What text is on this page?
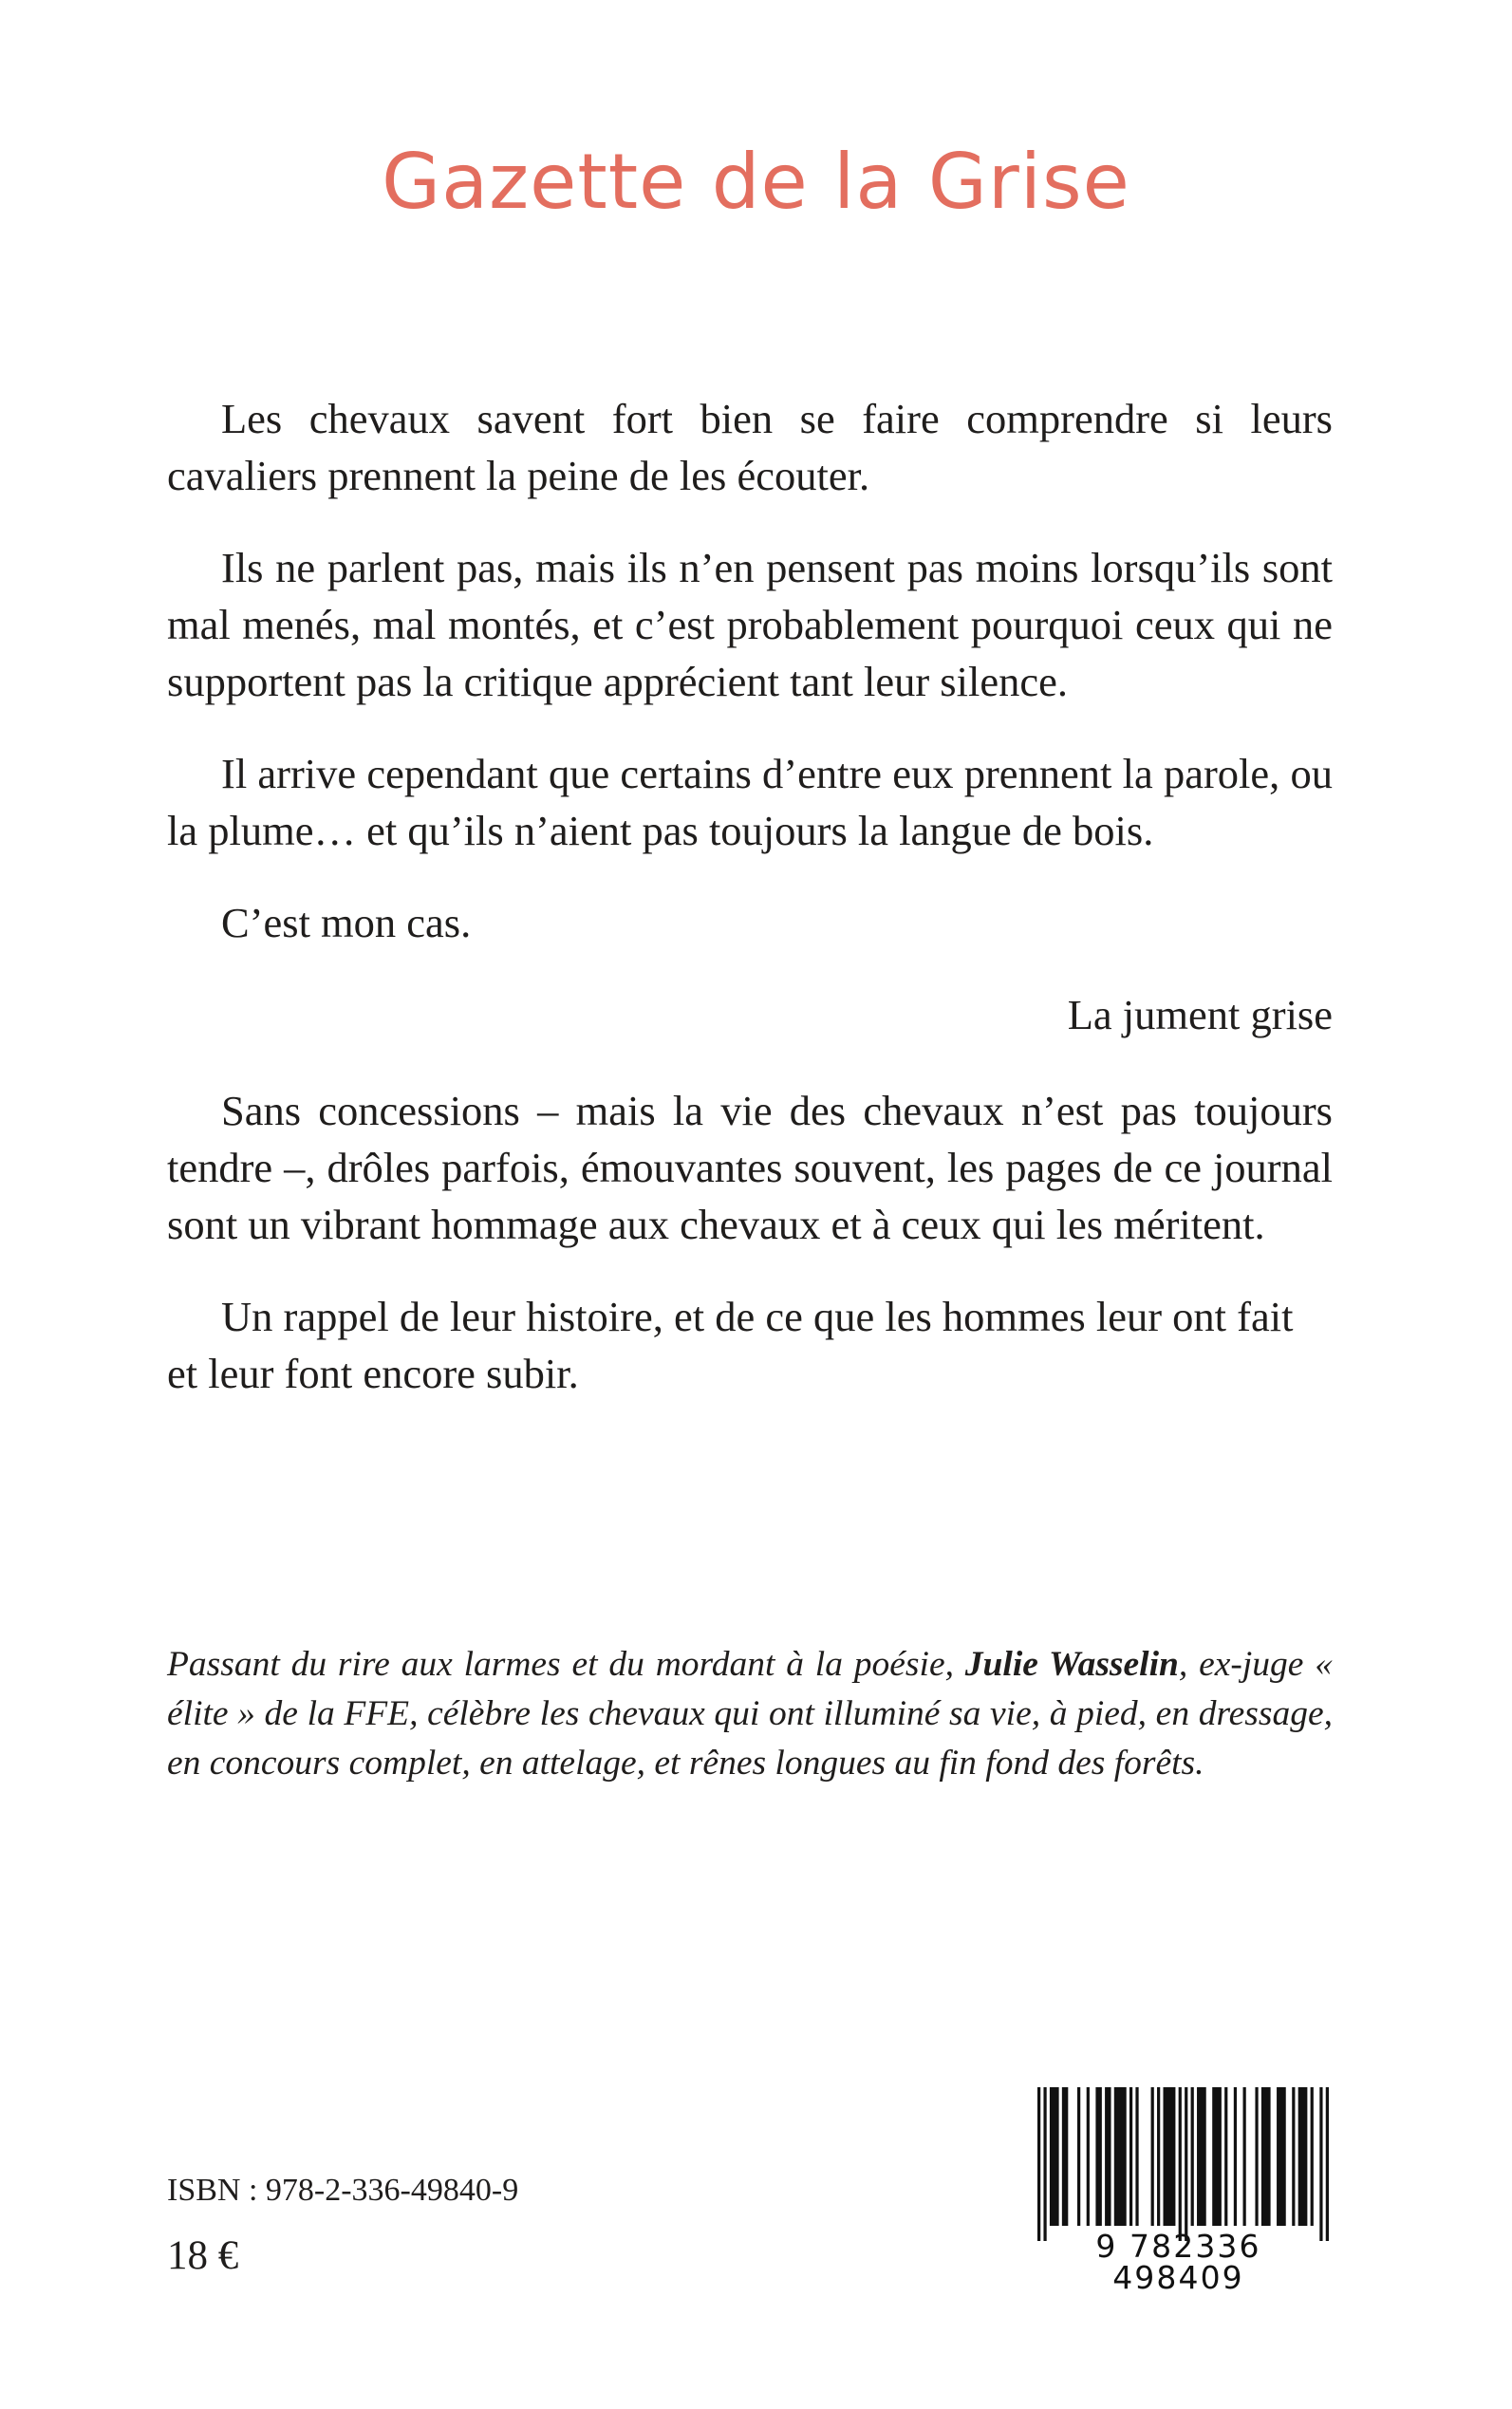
Gazette de la Grise

Les chevaux savent fort bien se faire comprendre si leurs cavaliers prennent la peine de les écouter.

Ils ne parlent pas, mais ils n’en pensent pas moins lorsqu’ils sont mal menés, mal montés, et c’est probablement pourquoi ceux qui ne supportent pas la critique apprécient tant leur silence.

Il arrive cependant que certains d’entre eux prennent la parole, ou la plume… et qu’ils n’aient pas toujours la langue de bois.

C’est mon cas.

La jument grise

Sans concessions – mais la vie des chevaux n’est pas toujours tendre –, drôles parfois, émouvantes souvent, les pages de ce journal sont un vibrant hommage aux chevaux et à ceux qui les méritent.

Un rappel de leur histoire, et de ce que les hommes leur ont fait et leur font encore subir.

Passant du rire aux larmes et du mordant à la poésie, Julie Wasselin, ex-juge « élite » de la FFE, célèbre les chevaux qui ont illuminé sa vie, à pied, en dressage, en concours complet, en attelage, et rênes longues au fin fond des forêts.

ISBN : 978-2-336-49840-9

18 €	9 782336 498409
